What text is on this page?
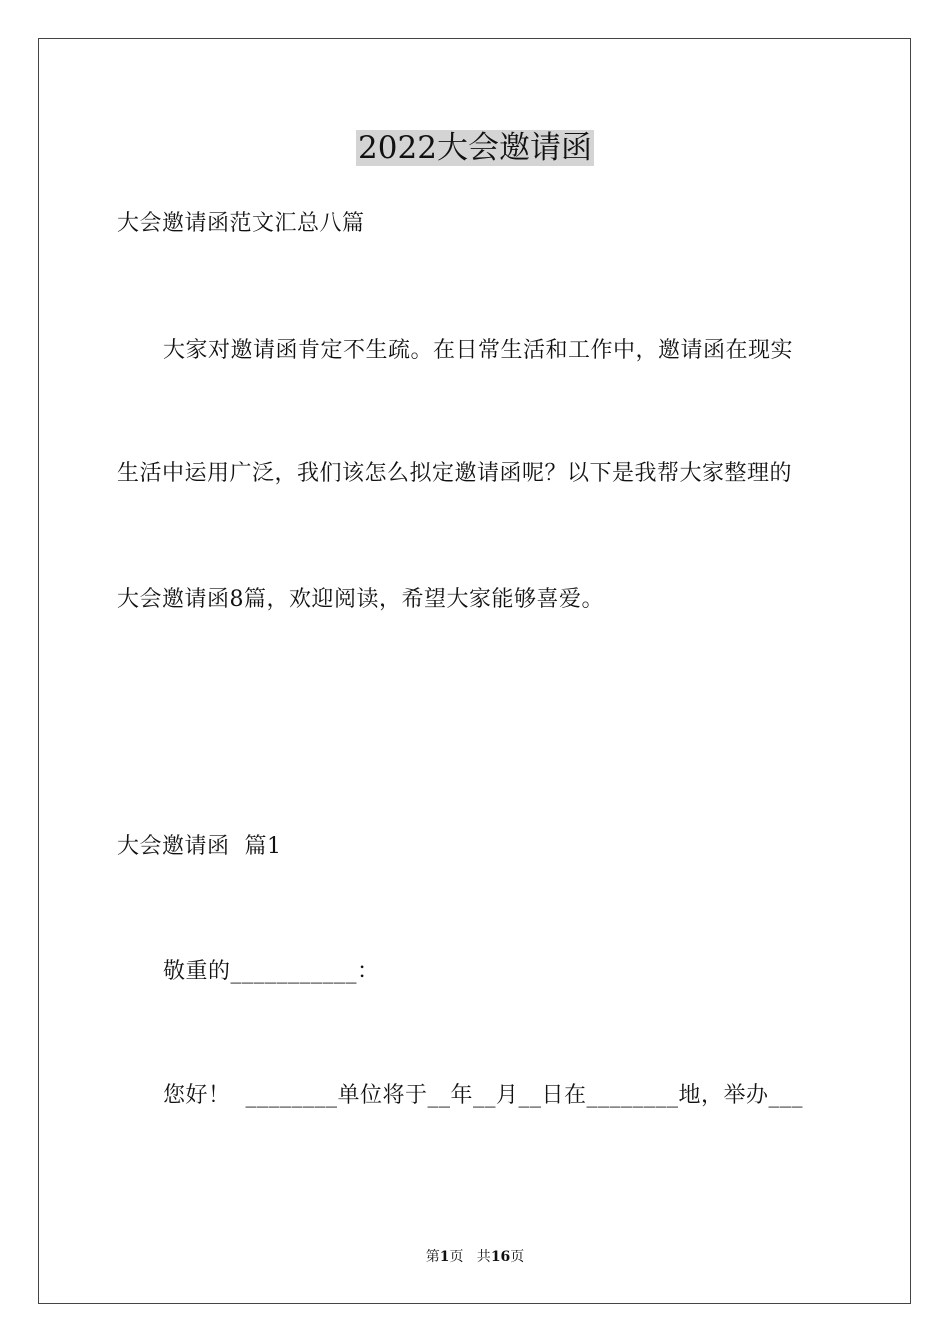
2022大会邀请函
大会邀请函范文汇总八篇
大家对邀请函肯定不生疏。在日常生活和工作中，邀请函在现实
生活中运用广泛，我们该怎么拟定邀请函呢？以下是我帮大家整理的
大会邀请函8篇，欢迎阅读，希望大家能够喜爱。
大会邀请函  篇1
敬重的___________：
您好！  ________单位将于__年__月__日在________地，举办___
第1页   共16页
